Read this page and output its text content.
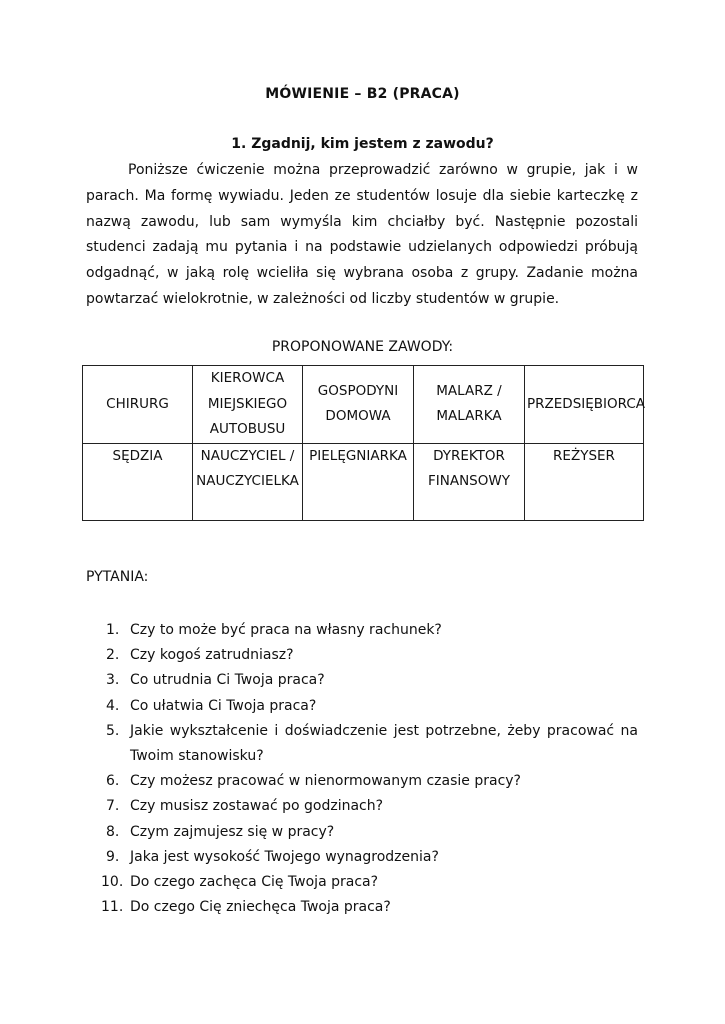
MÓWIENIE – B2 (PRACA)
1. Zgadnij, kim jestem z zawodu?

Poniższe ćwiczenie można przeprowadzić zarówno w grupie, jak i w parach. Ma formę wywiadu. Jeden ze studentów losuje dla siebie karteczkę z nazwą zawodu, lub sam wymyśla kim chciałby być. Następnie pozostali studenci zadają mu pytania i na podstawie udzielanych odpowiedzi próbują odgadnąć, w jaką rolę wcieliła się wybrana osoba z grupy. Zadanie można powtarzać wielokrotnie, w zależności od liczby studentów w grupie.

PROPONOWANE ZAWODY:
CHIRURG	KIEROWCA MIEJSKIEGO AUTOBUSU	GOSPODYNI DOMOWA	MALARZ / MALARKA	PRZEDSIĘBIORCA
SĘDZIA	NAUCZYCIEL / NAUCZYCIELKA	PIELĘGNIARKA	DYREKTOR FINANSOWY	REŻYSER
PYTANIA:
1. Czy to może być praca na własny rachunek?
2. Czy kogoś zatrudniasz?
3. Co utrudnia Ci Twoja praca?
4. Co ułatwia Ci Twoja praca?
5. Jakie wykształcenie i doświadczenie jest potrzebne, żeby pracować na Twoim stanowisku?
6. Czy możesz pracować w nienormowanym czasie pracy?
7. Czy musisz zostawać po godzinach?
8. Czym zajmujesz się w pracy?
9. Jaka jest wysokość Twojego wynagrodzenia?
10. Do czego zachęca Cię Twoja praca?
11. Do czego Cię zniechęca Twoja praca?
